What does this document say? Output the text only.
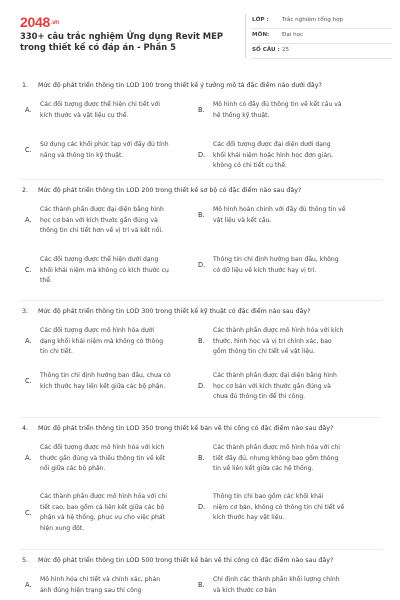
2048.vn
330+ câu trắc nghiệm Ứng dụng Revit MEP trong thiết kế có đáp án - Phần 5
LỚP : Trắc nghiệm tổng hợp
MÔN: Đại học
SỐ CÂU : 25
1. Mức độ phát triển thông tin LOD 100 trong thiết kế ý tưởng mô tả đặc điểm nào dưới đây?
A.
Các đối tượng được thể hiện chi tiết với
kích thước và vật liệu cụ thể.
B.
Mô hình có đầy đủ thông tin về kết cấu và
hệ thống kỹ thuật.
C.
Sử dụng các khối phức tạp với đầy đủ tính
năng và thông tin kỹ thuật.	D.
Các đối tượng được đại diện dưới dạng
khối khái niệm hoặc hình học đơn giản,
không có chi tiết cụ thể.
2. Mức độ phát triển thông tin LOD 200 trong thiết kế sơ bộ có đặc điểm nào sau đây?
A.
Các thành phần được đại diện bằng hình
học cơ bản với kích thước gần đúng và
thông tin chi tiết hơn về vị trí và kết nối.
B.
Mô hình hoàn chỉnh với đầy đủ thông tin về
vật liệu và kết cấu.
C.
Các đối tượng được thể hiện dưới dạng
khối khái niệm mà không có kích thước cụ
thể.
D.
Thông tin chỉ định hướng ban đầu, không
có dữ liệu về kích thước hay vị trí.
3. Mức độ phát triển thông tin LOD 300 trong thiết kế kỹ thuật có đặc điểm nào sau đây?
A.
Các đối tượng được mô hình hóa dưới
dạng khối khái niệm mà không có thông
tin chi tiết.
B.
Các thành phần được mô hình hóa với kích
thước, hình học và vị trí chính xác, bao
gồm thông tin chi tiết về vật liệu.
C.
Thông tin chỉ định hướng ban đầu, chưa có
kích thước hay liên kết giữa các bộ phận.	D.
Các thành phần được đại diện bằng hình
học cơ bản với kích thước gần đúng và
chưa đủ thông tin để thi công.
4. Mức độ phát triển thông tin LOD 350 trong thiết kế bản vẽ thi công có đặc điểm nào sau đây?
A.
Các đối tượng được mô hình hóa với kích
thước gần đúng và thiếu thông tin về kết
nối giữa các bộ phận.
B.
Các thành phần được mô hình hóa với chi
tiết đầy đủ, nhưng không bao gồm thông
tin về liên kết giữa các hệ thống.
C.
Các thành phần được mô hình hóa với chi
tiết cao, bao gồm cả liên kết giữa các bộ
phận và hệ thống, phục vụ cho việc phát
hiện xung đột.
D.
Thông tin chỉ bao gồm các khối khái
niệm cơ bản, không có thông tin chi tiết về
kích thước hay vật liệu.
5. Mức độ phát triển thông tin LOD 500 trong thiết kế bản vẽ thi công có đặc điểm nào sau đây?
A.
Mô hình hóa chi tiết và chính xác, phản
ánh đúng hiện trạng sau thi công
B.
Chỉ định các thành phần khối lượng chính
và kích thước cơ bản
